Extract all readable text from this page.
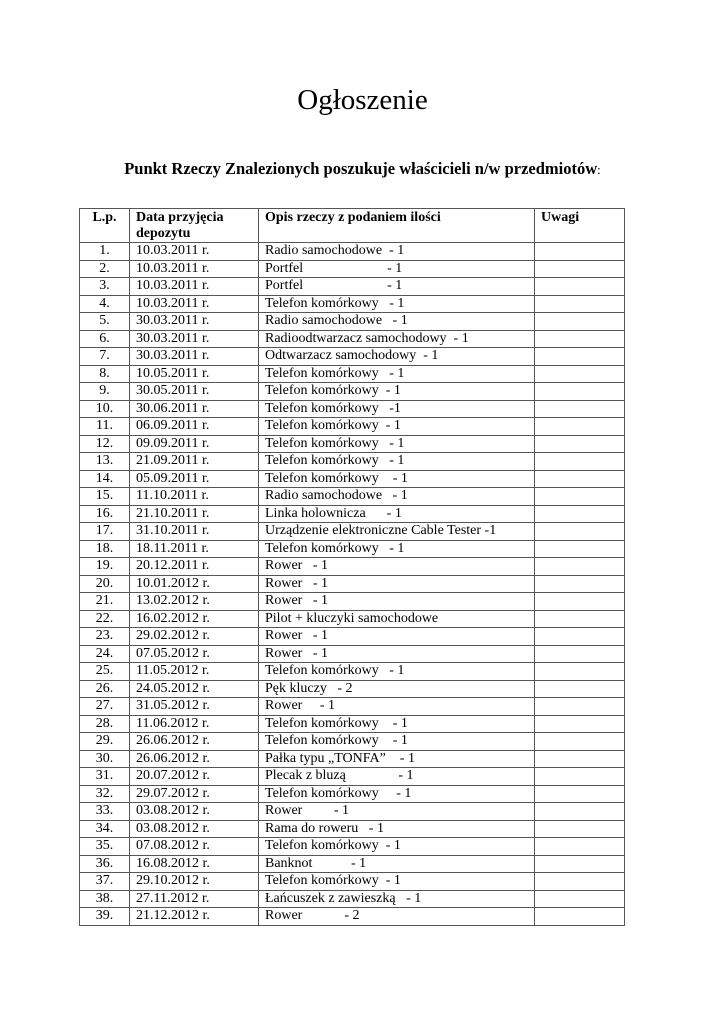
Ogłoszenie
Punkt Rzeczy Znalezionych poszukuje właścicieli n/w przedmiotów:
L.p.	Data przyjęcia depozytu	Opis rzeczy z podaniem ilości	Uwagi
1.	10.03.2011 r.	Radio samochodowe  - 1	
2.	10.03.2011 r.	Portfel                        - 1	
3.	10.03.2011 r.	Portfel                        - 1	
4.	10.03.2011 r.	Telefon komórkowy   - 1	
5.	30.03.2011 r.	Radio samochodowe   - 1	
6.	30.03.2011 r.	Radioodtwarzacz samochodowy  - 1	
7.	30.03.2011 r.	Odtwarzacz samochodowy  - 1	
8.	10.05.2011 r.	Telefon komórkowy   - 1	
9.	30.05.2011 r.	Telefon komórkowy  - 1	
10.	30.06.2011 r.	Telefon komórkowy   -1	
11.	06.09.2011 r.	Telefon komórkowy  - 1	
12.	09.09.2011 r.	Telefon komórkowy   - 1	
13.	21.09.2011 r.	Telefon komórkowy   - 1	
14.	05.09.2011 r.	Telefon komórkowy    - 1	
15.	11.10.2011 r.	Radio samochodowe   - 1	
16.	21.10.2011 r.	Linka holownicza      - 1	
17.	31.10.2011 r.	Urządzenie elektroniczne Cable Tester -1	
18.	18.11.2011 r.	Telefon komórkowy   - 1	
19.	20.12.2011 r.	Rower   - 1	
20.	10.01.2012 r.	Rower   - 1	
21.	13.02.2012 r.	Rower   - 1	
22.	16.02.2012 r.	Pilot + kluczyki samochodowe	
23.	29.02.2012 r.	Rower   - 1	
24.	07.05.2012 r.	Rower   - 1	
25.	11.05.2012 r.	Telefon komórkowy   - 1	
26.	24.05.2012 r.	Pęk kluczy   - 2	
27.	31.05.2012 r.	Rower     - 1	
28.	11.06.2012 r.	Telefon komórkowy    - 1	
29.	26.06.2012 r.	Telefon komórkowy    - 1	
30.	26.06.2012 r.	Pałka typu „TONFA”    - 1	
31.	20.07.2012 r.	Plecak z bluzą               - 1	
32.	29.07.2012 r.	Telefon komórkowy     - 1	
33.	03.08.2012 r.	Rower         - 1	
34.	03.08.2012 r.	Rama do roweru   - 1	
35.	07.08.2012 r.	Telefon komórkowy  - 1	
36.	16.08.2012 r.	Banknot           - 1	
37.	29.10.2012 r.	Telefon komórkowy  - 1	
38.	27.11.2012 r.	Łańcuszek z zawieszką   - 1	
39.	21.12.2012 r.	Rower            - 2	
